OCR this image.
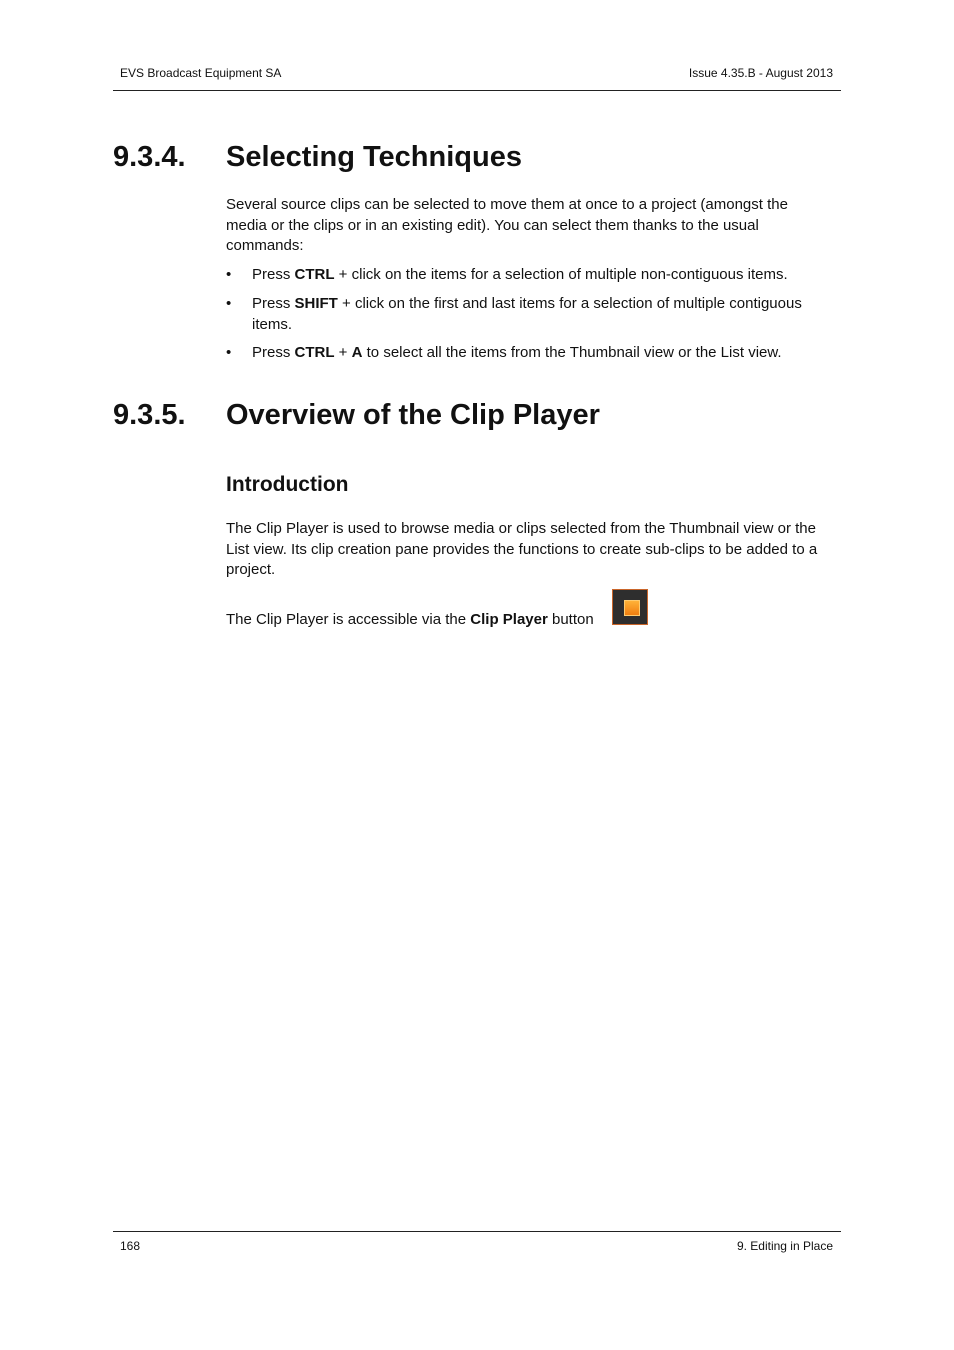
EVS Broadcast Equipment SA	Issue 4.35.B - August 2013
9.3.4. Selecting Techniques
Several source clips can be selected to move them at once to a project (amongst the
media or the clips or in an existing edit). You can select them thanks to the usual
commands:
• Press CTRL + click on the items for a selection of multiple non-contiguous items.
• Press SHIFT + click on the first and last items for a selection of multiple contiguous
items.
• Press CTRL + A to select all the items from the Thumbnail view or the List view.
9.3.5. Overview of the Clip Player
Introduction
The Clip Player is used to browse media or clips selected from the Thumbnail view or the
List view. Its clip creation pane provides the functions to create sub-clips to be added to a
project.
The Clip Player is accessible via the Clip Player button
168	9. Editing in Place
